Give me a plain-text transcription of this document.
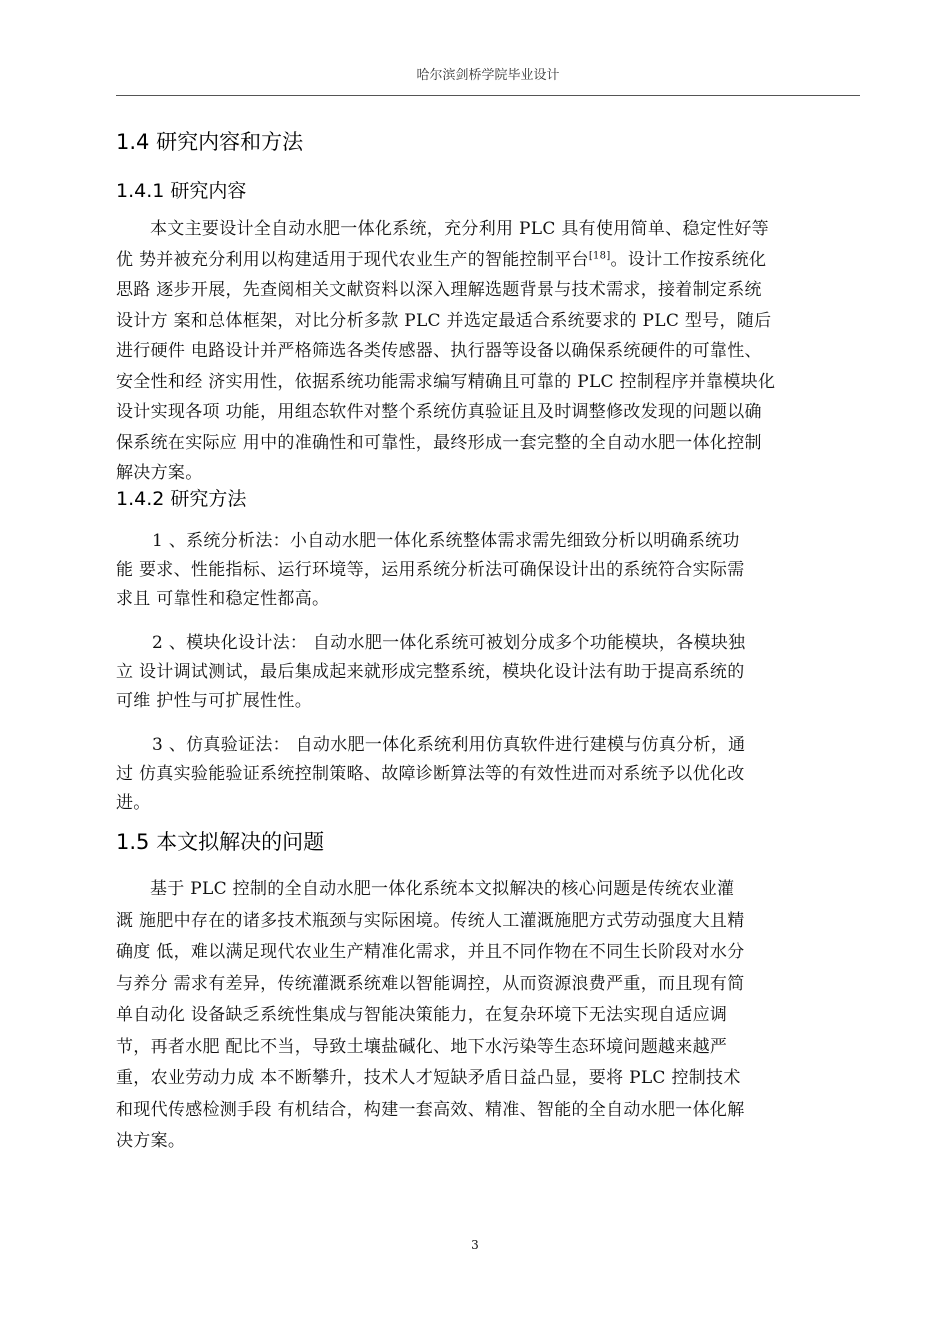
哈尔滨剑桥学院毕业设计
1.4 研究内容和方法
1.4.1 研究内容
本文主要设计全自动水肥一体化系统，充分利用 PLC 具有使用简单、稳定性好等
优 势并被充分利用以构建适用于现代农业生产的智能控制平台[18]。设计工作按系统化
思路 逐步开展，先查阅相关文献资料以深入理解选题背景与技术需求，接着制定系统
设计方 案和总体框架，对比分析多款 PLC 并选定最适合系统要求的 PLC 型号，随后
进行硬件 电路设计并严格筛选各类传感器、执行器等设备以确保系统硬件的可靠性、
安全性和经 济实用性，依据系统功能需求编写精确且可靠的 PLC 控制程序并靠模块化
设计实现各项 功能，用组态软件对整个系统仿真验证且及时调整修改发现的问题以确
保系统在实际应 用中的准确性和可靠性，最终形成一套完整的全自动水肥一体化控制
解决方案。
1.4.2 研究方法
1 、系统分析法：小自动水肥一体化系统整体需求需先细致分析以明确系统功
能 要求、性能指标、运行环境等，运用系统分析法可确保设计出的系统符合实际需
求且 可靠性和稳定性都高。
2 、模块化设计法： 自动水肥一体化系统可被划分成多个功能模块，各模块独
立 设计调试测试，最后集成起来就形成完整系统，模块化设计法有助于提高系统的
可维 护性与可扩展性性。
3 、仿真验证法： 自动水肥一体化系统利用仿真软件进行建模与仿真分析，通
过 仿真实验能验证系统控制策略、故障诊断算法等的有效性进而对系统予以优化改
进。
1.5 本文拟解决的问题
基于 PLC 控制的全自动水肥一体化系统本文拟解决的核心问题是传统农业灌
溉 施肥中存在的诸多技术瓶颈与实际困境。传统人工灌溉施肥方式劳动强度大且精
确度 低，难以满足现代农业生产精准化需求，并且不同作物在不同生长阶段对水分
与养分 需求有差异，传统灌溉系统难以智能调控，从而资源浪费严重，而且现有简
单自动化 设备缺乏系统性集成与智能决策能力，在复杂环境下无法实现自适应调
节，再者水肥 配比不当，导致土壤盐碱化、地下水污染等生态环境问题越来越严
重，农业劳动力成 本不断攀升，技术人才短缺矛盾日益凸显，要将 PLC 控制技术
和现代传感检测手段 有机结合，构建一套高效、精准、智能的全自动水肥一体化解
决方案。
3
